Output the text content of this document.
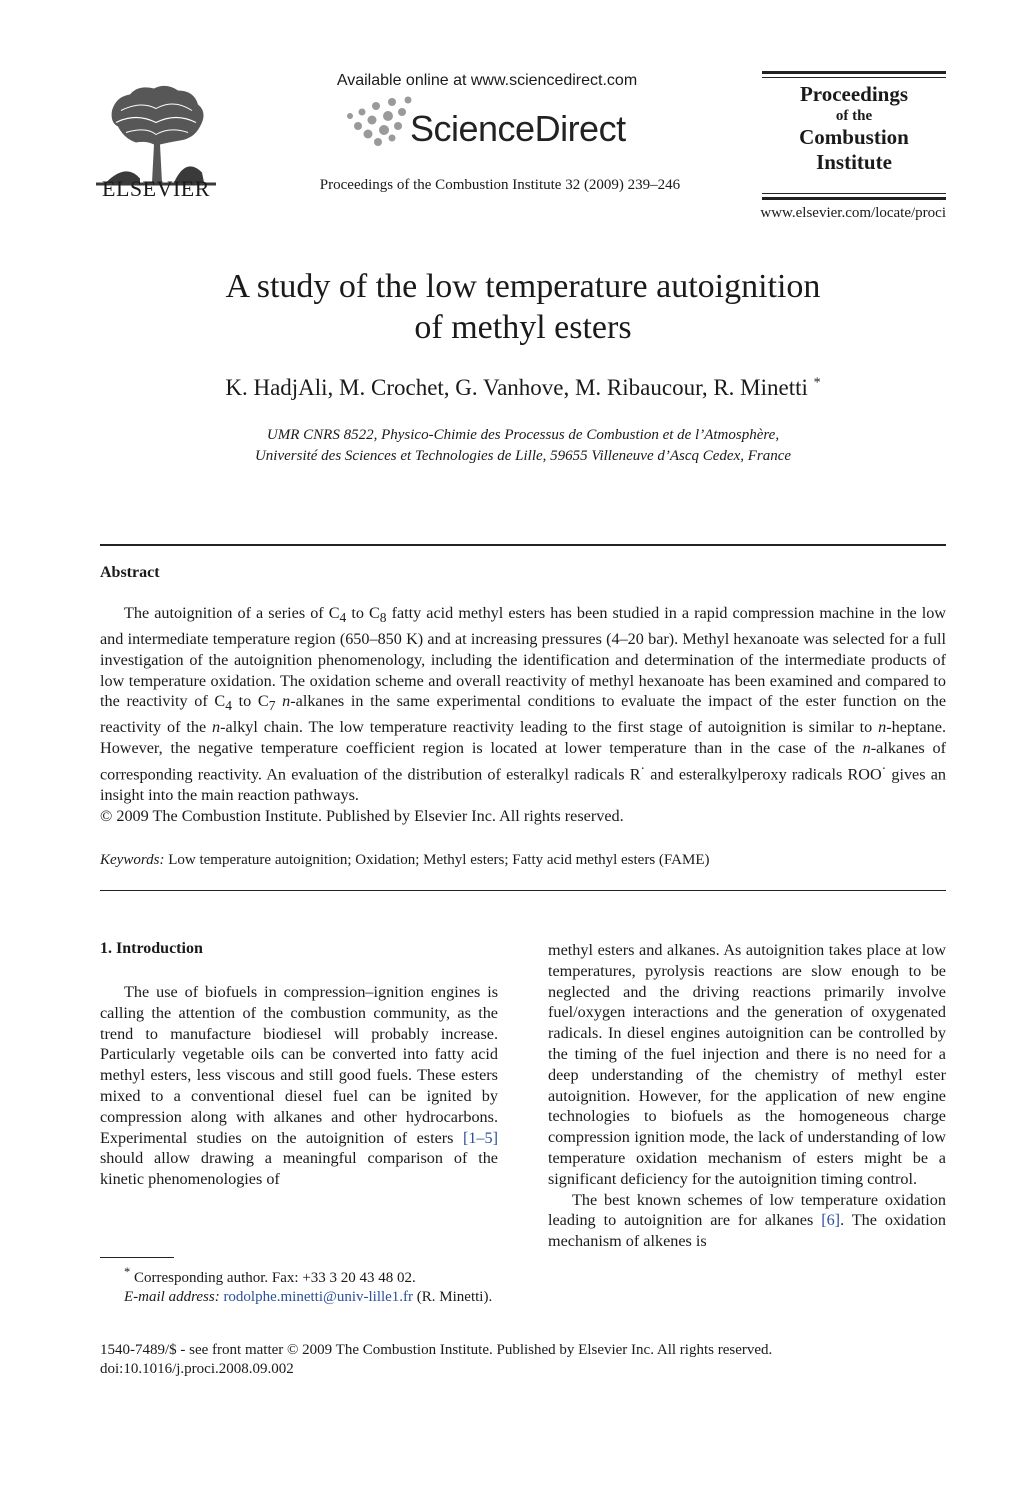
ELSEVIER
Available online at www.sciencedirect.com
ScienceDirect
Proceedings of the Combustion Institute 32 (2009) 239–246
Proceedings
of the
Combustion
Institute
www.elsevier.com/locate/proci
A study of the low temperature autoignition
of methyl esters
K. HadjAli, M. Crochet, G. Vanhove, M. Ribaucour, R. Minetti *
UMR CNRS 8522, Physico-Chimie des Processus de Combustion et de l’Atmosphère,
Université des Sciences et Technologies de Lille, 59655 Villeneuve d’Ascq Cedex, France
Abstract

The autoignition of a series of $C_4$ to $C_8$ fatty acid methyl esters has been studied in a rapid compression machine in the low and intermediate temperature region (650–850 K) and at increasing pressures (4–20 bar). Methyl hexanoate was selected for a full investigation of the autoignition phenomenology, including the identification and determination of the intermediate products of low temperature oxidation. The oxidation scheme and overall reactivity of methyl hexanoate has been examined and compared to the reactivity of $C_4$ to $C_7$ n-alkanes in the same experimental conditions to evaluate the impact of the ester function on the reactivity of the n-alkyl chain. The low temperature reactivity leading to the first stage of autoignition is similar to n-heptane. However, the negative temperature coefficient region is located at lower temperature than in the case of the n-alkanes of corresponding reactivity. An evaluation of the distribution of esteralkyl radicals R· and esteralkylperoxy radicals ROO· gives an insight into the main reaction pathways.

© 2009 The Combustion Institute. Published by Elsevier Inc. All rights reserved.

Keywords: Low temperature autoignition; Oxidation; Methyl esters; Fatty acid methyl esters (FAME)
1. Introduction

The use of biofuels in compression–ignition engines is calling the attention of the combustion community, as the trend to manufacture biodiesel will probably increase. Particularly vegetable oils can be converted into fatty acid methyl esters, less viscous and still good fuels. These esters mixed to a conventional diesel fuel can be ignited by compression along with alkanes and other hydrocarbons. Experimental studies on the autoignition of esters [1–5] should allow drawing a meaningful comparison of the kinetic phenomenologies of

methyl esters and alkanes. As autoignition takes place at low temperatures, pyrolysis reactions are slow enough to be neglected and the driving reactions primarily involve fuel/oxygen interactions and the generation of oxygenated radicals. In diesel engines autoignition can be controlled by the timing of the fuel injection and there is no need for a deep understanding of the chemistry of methyl ester autoignition. However, for the application of new engine technologies to biofuels as the homogeneous charge compression ignition mode, the lack of understanding of low temperature oxidation mechanism of esters might be a significant deficiency for the autoignition timing control.

The best known schemes of low temperature oxidation leading to autoignition are for alkanes [6]. The oxidation mechanism of alkenes is

* Corresponding author. Fax: +33 3 20 43 48 02.
E-mail address: rodolphe.minetti@univ-lille1.fr (R. Minetti).
1540-7489/$ - see front matter © 2009 The Combustion Institute. Published by Elsevier Inc. All rights reserved.
doi:10.1016/j.proci.2008.09.002
